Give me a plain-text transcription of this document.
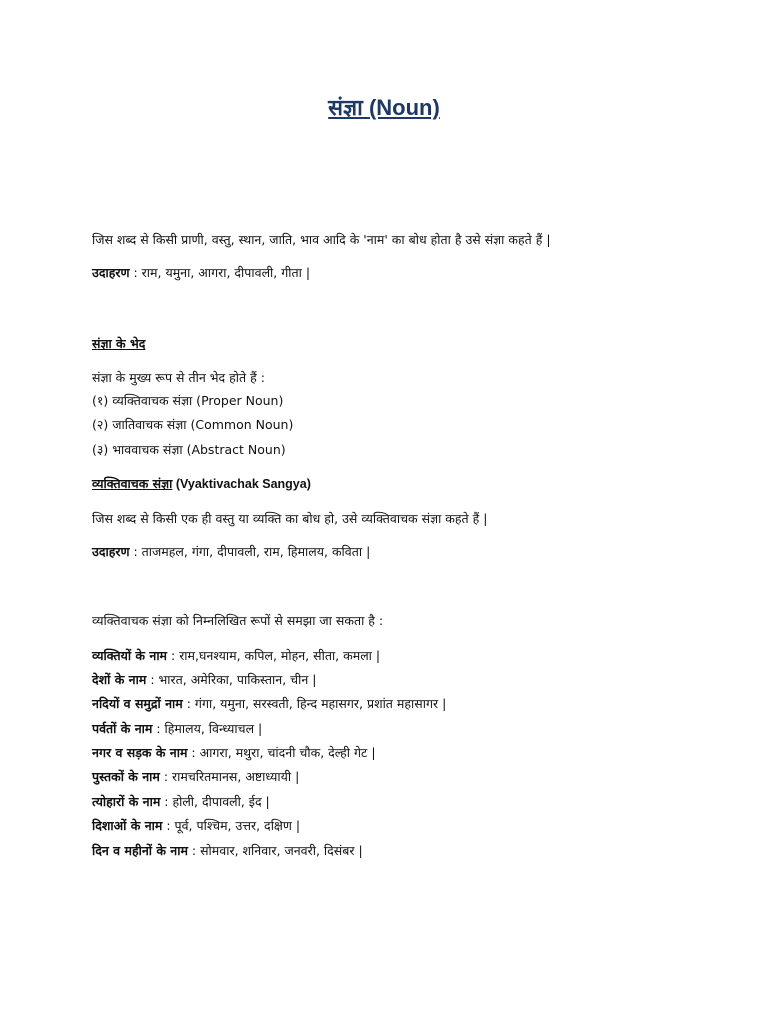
संज्ञा (Noun)
जिस शब्द से किसी प्राणी, वस्तु, स्थान, जाति, भाव आदि के 'नाम' का बोध होता है उसे संज्ञा कहते हैं |
उदाहरण : राम, यमुना, आगरा, दीपावली, गीता |
संज्ञा के भेद
संज्ञा के मुख्य रूप से तीन भेद होते हैं :
(१) व्यक्तिवाचक संज्ञा (Proper Noun)
(२) जातिवाचक संज्ञा (Common Noun)
(३) भाववाचक संज्ञा (Abstract Noun)
व्यक्तिवाचक संज्ञा (Vyaktivachak Sangya)
जिस शब्द से किसी एक ही वस्तु या व्यक्ति का बोध हो, उसे व्यक्तिवाचक संज्ञा कहते हैं |
उदाहरण : ताजमहल, गंगा, दीपावली, राम, हिमालय, कविता |
व्यक्तिवाचक संज्ञा को निम्नलिखित रूपों से समझा जा सकता है :
व्यक्तियों के नाम : राम,घनश्याम, कपिल, मोहन, सीता, कमला |
देशों के नाम : भारत, अमेरिका, पाकिस्तान, चीन |
नदियों व समुद्रों नाम : गंगा, यमुना, सरस्वती, हिन्द महासगर, प्रशांत महासागर |
पर्वतों के नाम : हिमालय, विन्ध्याचल |
नगर व सड़क के नाम : आगरा, मथुरा, चांदनी चौक, देल्ही गेट |
पुस्तकों के नाम : रामचरितमानस, अष्टाध्यायी |
त्योहारों के नाम : होली, दीपावली, ईद |
दिशाओं के नाम : पूर्व, पश्चिम, उत्तर, दक्षिण |
दिन व महीनों के नाम : सोमवार, शनिवार, जनवरी, दिसंबर |
